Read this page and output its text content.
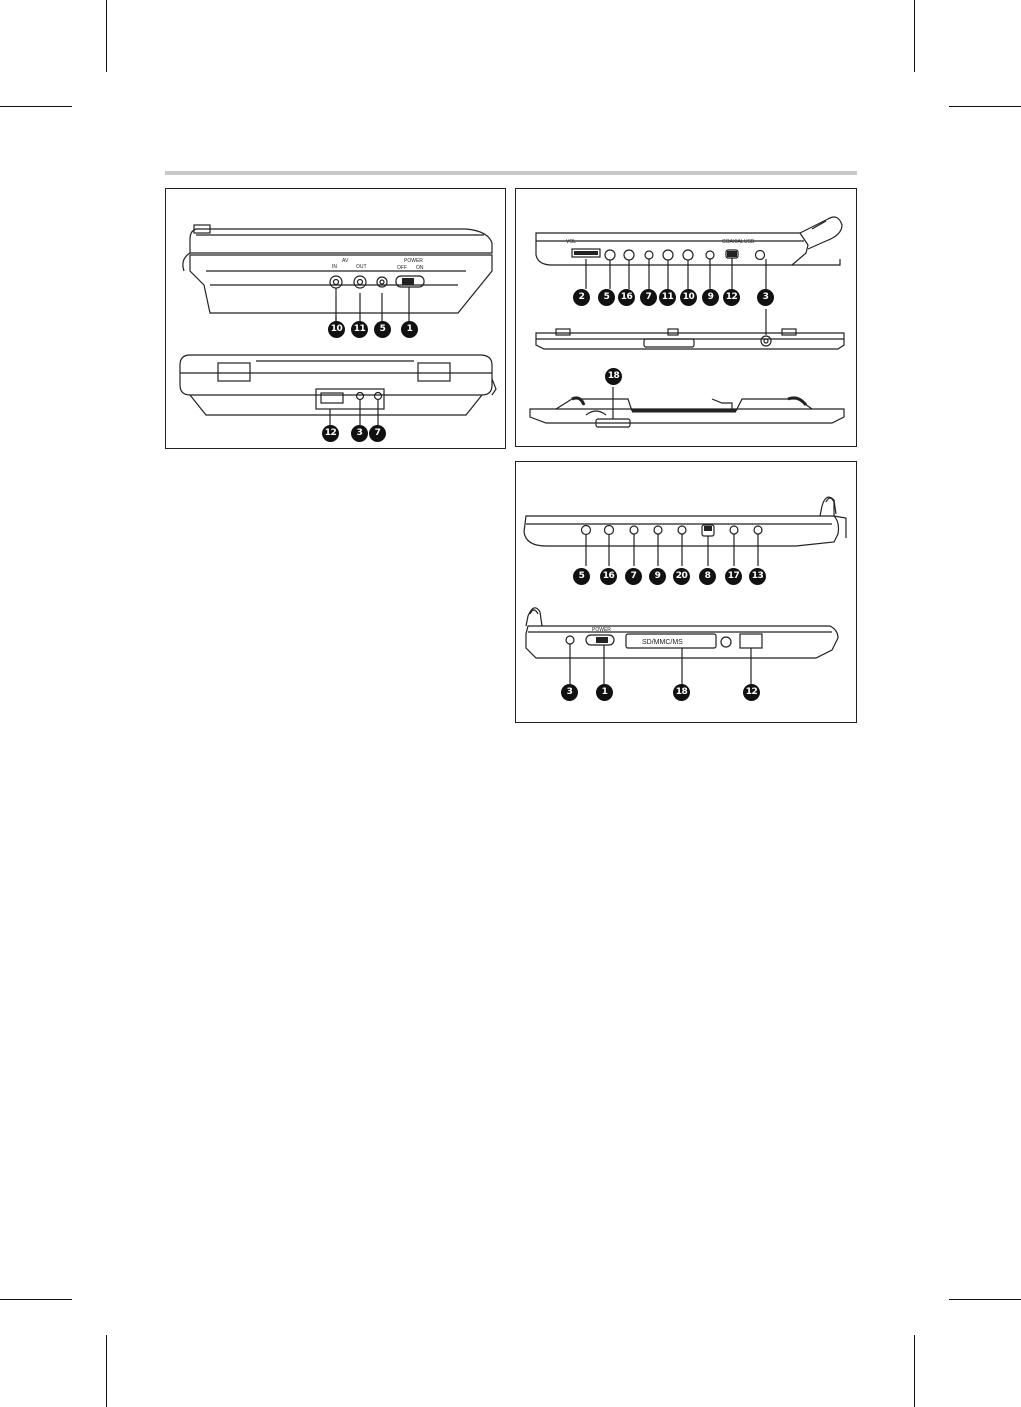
AV
IN	OUT
POWER
OFF ON
10	11	5	1
12	3	7
VOL	COAXIAL USB
2	5	16	7	11	10	9	12	3
18
SD/MMC/MS
POWER
5	16	7	9	20	8	17	13
3	1	18	12
